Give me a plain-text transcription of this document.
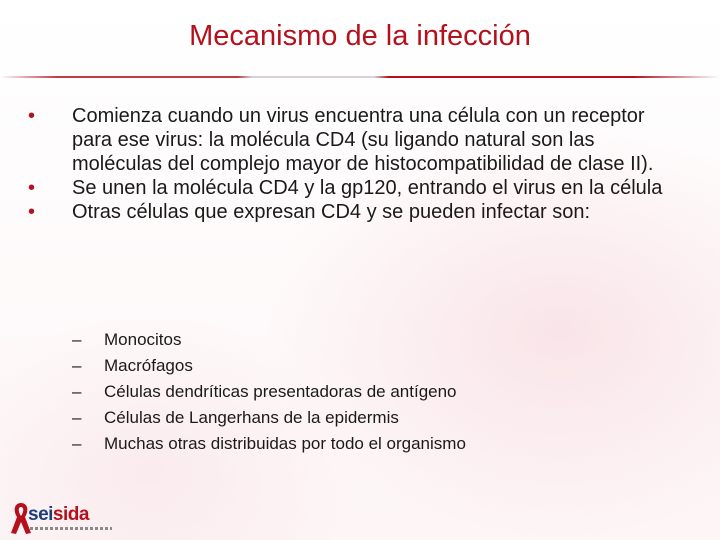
Mecanismo de la infección
•	Comienza cuando un virus encuentra una célula con un receptor para ese virus: la molécula CD4 (su ligando natural son las moléculas del complejo mayor de histocompatibilidad de clase II).
•	Se unen la molécula CD4 y la gp120, entrando el virus en la célula
•	Otras células que expresan CD4 y se pueden infectar son:
– Monocitos
– Macrófagos
– Células dendríticas presentadoras de antígeno
– Células de Langerhans de la epidermis
– Muchas otras distribuidas por todo el organismo
seisida
